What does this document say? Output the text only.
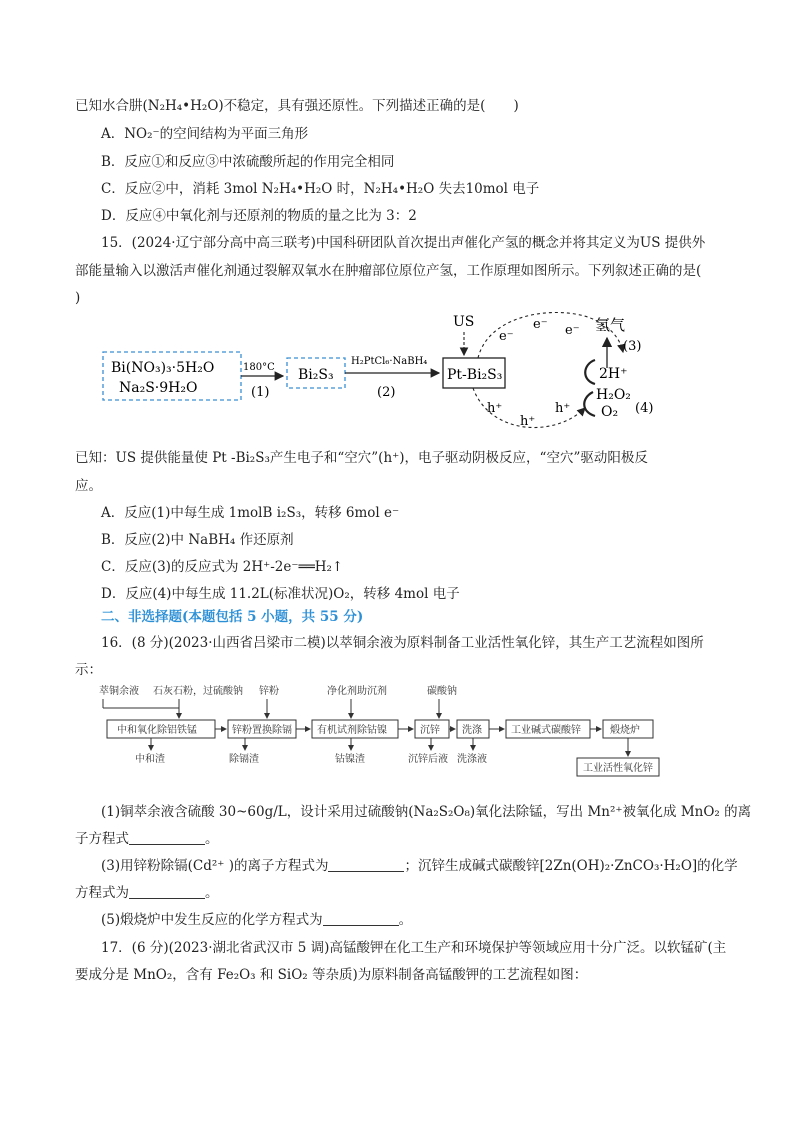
已知水合肼(N₂H₄•H₂O)不稳定，具有强还原性。下列描述正确的是( )
A．NO₂⁻的空间结构为平面三角形
B．反应①和反应③中浓硫酸所起的作用完全相同
C．反应②中，消耗 3mol N₂H₄•H₂O 时，N₂H₄•H₂O 失去10mol 电子
D．反应④中氧化剂与还原剂的物质的量之比为 3：2
15．(2024·辽宁部分高中高三联考)中国科研团队首次提出声催化产氢的概念并将其定义为US 提供外
部能量输入以激活声催化剂通过裂解双氧水在肿瘤部位原位产氢，工作原理如图所示。下列叙述正确的是(
)
Bi(NO₃)₃·5H₂O
Na₂S·9H₂O
180°C
(1)
Bi₂S₃
H₂PtCl₆·NaBH₄
(2)
Pt-Bi₂S₃
US
e⁻
e⁻ e⁻
h⁺
h⁺
h⁺
氢气
(3)
2H⁺
H₂O₂
O₂ (4)
已知：US 提供能量使 Pt -Bi₂S₃产生电子和“空穴”(h⁺)，电子驱动阴极反应，“空穴”驱动阳极反
应。
A．反应(1)中每生成 1molB i₂S₃，转移 6mol e⁻
B．反应(2)中 NaBH₄ 作还原剂
C．反应(3)的反应式为 2H⁺-2e⁻══H₂↑
D．反应(4)中每生成 11.2L(标准状况)O₂，转移 4mol 电子
二、非选择题(本题包括 5 小题，共 55 分)
16．(8 分)(2023·山西省吕梁市二模)以萃铜余液为原料制备工业活性氧化锌，其生产工艺流程如图所
示：
萃铜余液 石灰石粉，过硫酸钠 锌粉	净化剂助沉剂	碳酸钠
中和氧化除铝铁锰	锌粉置换除镉	有机试剂除钴镍	沉锌 洗涤	工业碱式碳酸锌	煅烧炉
工业活性氧化锌
中和渣	除镉渣	钴镍渣	沉锌后液 洗涤液
(1)铜萃余液含硫酸 30~60g/L，设计采用过硫酸钠(Na₂S₂O₈)氧化法除锰，写出 Mn²⁺被氧化成 MnO₂ 的离
子方程式	。
(3)用锌粉除镉(Cd²⁺ )的离子方程式为	；沉锌生成碱式碳酸锌[2Zn(OH)₂·ZnCO₃·H₂O]的化学
方程式为	。
(5)煅烧炉中发生反应的化学方程式为	。
17．(6 分)(2023·湖北省武汉市 5 调)高锰酸钾在化工生产和环境保护等领域应用十分广泛。以软锰矿(主
要成分是 MnO₂，含有 Fe₂O₃ 和 SiO₂ 等杂质)为原料制备高锰酸钾的工艺流程如图：
